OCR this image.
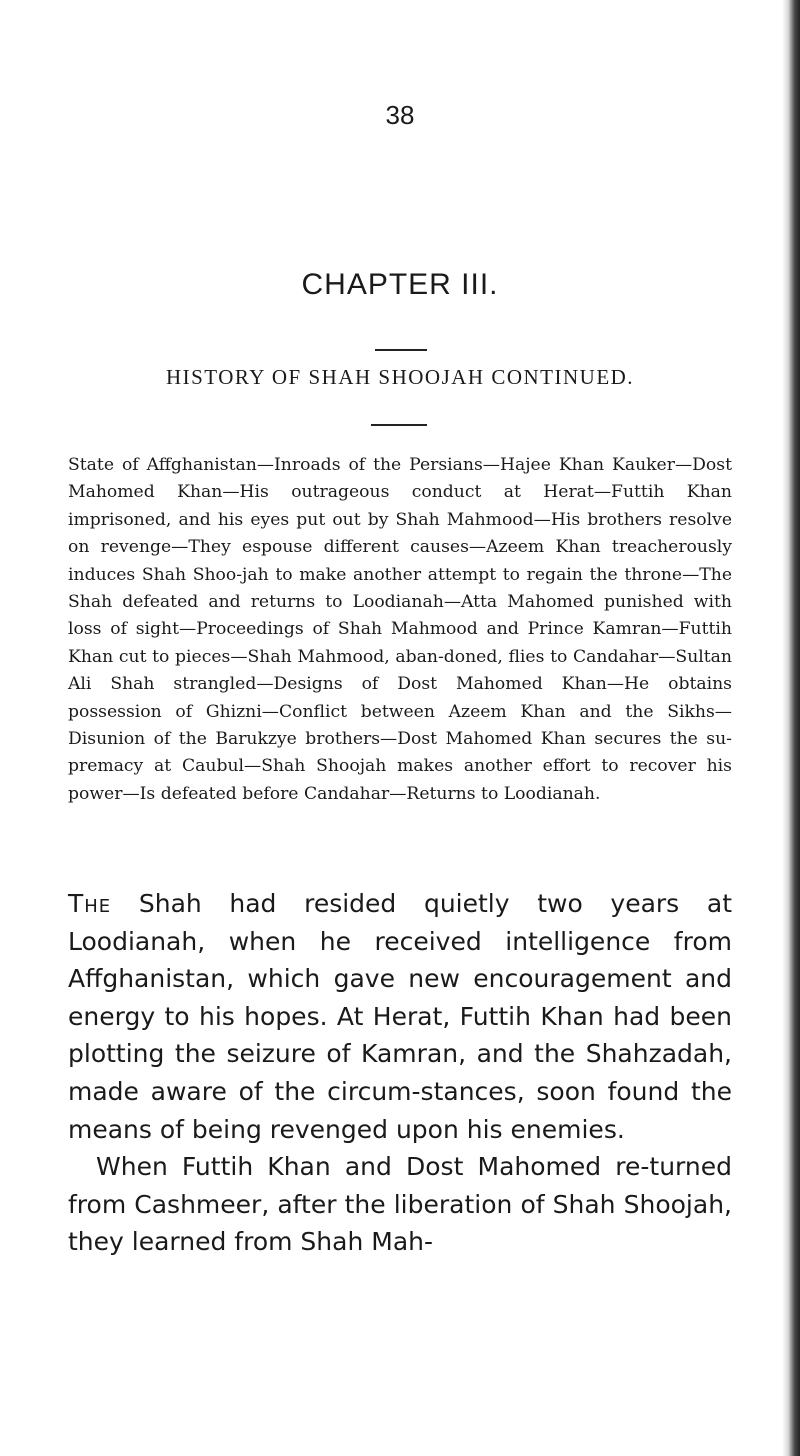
38
CHAPTER III.
HISTORY OF SHAH SHOOJAH CONTINUED.

State of Affghanistan—Inroads of the Persians—Hajee Khan Kauker—Dost Mahomed Khan—His outrageous conduct at Herat—Futtih Khan imprisoned, and his eyes put out by Shah Mahmood—His brothers resolve on revenge—They espouse different causes—Azeem Khan treacherously induces Shah Shoo-jah to make another attempt to regain the throne—The Shah defeated and returns to Loodianah—Atta Mahomed punished with loss of sight—Proceedings of Shah Mahmood and Prince Kamran—Futtih Khan cut to pieces—Shah Mahmood, aban-doned, flies to Candahar—Sultan Ali Shah strangled—Designs of Dost Mahomed Khan—He obtains possession of Ghizni—Conflict between Azeem Khan and the Sikhs—Disunion of the Barukzye brothers—Dost Mahomed Khan secures the su-premacy at Caubul—Shah Shoojah makes another effort to recover his power—Is defeated before Candahar—Returns to Loodianah.

The Shah had resided quietly two years at Loodianah, when he received intelligence from Affghanistan, which gave new encouragement and energy to his hopes. At Herat, Futtih Khan had been plotting the seizure of Kamran, and the Shahzadah, made aware of the circum-stances, soon found the means of being revenged upon his enemies.

When Futtih Khan and Dost Mahomed re-turned from Cashmeer, after the liberation of Shah Shoojah, they learned from Shah Mah-
